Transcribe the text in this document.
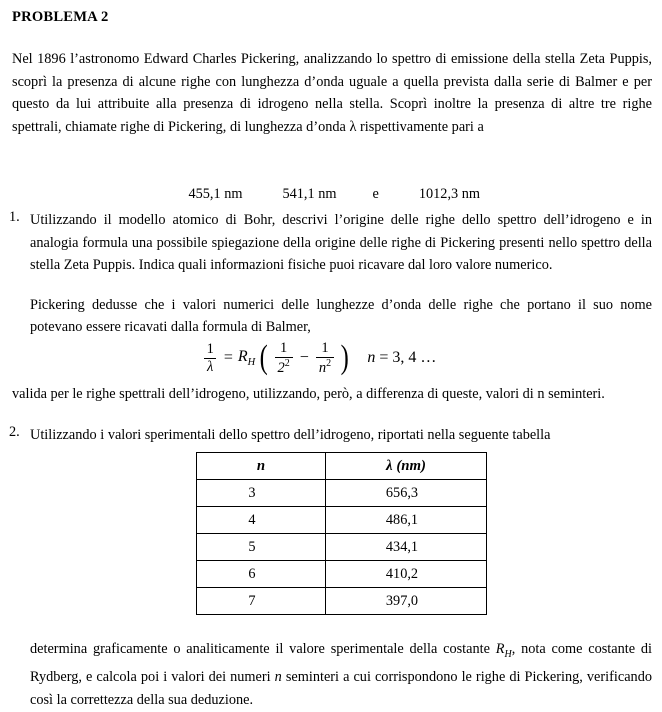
PROBLEMA 2
Nel 1896 l’astronomo Edward Charles Pickering, analizzando lo spettro di emissione della stella Zeta Puppis, scoprì la presenza di alcune righe con lunghezza d’onda uguale a quella prevista dalla serie di Balmer e per questo da lui attribuite alla presenza di idrogeno nella stella. Scoprì inoltre la presenza di altre tre righe spettrali, chiamate righe di Pickering, di lunghezza d’onda λ rispettivamente pari a

455,1 nm	541,1 nm	e	1012,3 nm

1. Utilizzando il modello atomico di Bohr, descrivi l’origine delle righe dello spettro dell’idrogeno e in analogia formula una possibile spiegazione della origine delle righe di Pickering presenti nello spettro della stella Zeta Puppis. Indica quali informazioni fisiche puoi ricavare dal loro valore numerico.
Pickering dedusse che i valori numerici delle lunghezze d’onda delle righe che portano il suo nome potevano essere ricavati dalla formula di Balmer,
$\frac{1}{\lambda} = R_H$ ( $\frac{1}{2^2} - \frac{1}{n^2}$ ) n = 3, 4 …
valida per le righe spettrali dell’idrogeno, utilizzando, però, a differenza di queste, valori di n seminteri.
2. Utilizzando i valori sperimentali dello spettro dell’idrogeno, riportati nella seguente tabella
n	λ (nm)
3	656,3
4	486,1
5	434,1
6	410,2
7	397,0
determina graficamente o analiticamente il valore sperimentale della costante $R_H$, nota come costante di Rydberg, e calcola poi i valori dei numeri n seminteri a cui corrispondono le righe di Pickering, verificando così la correttezza della sua deduzione.
